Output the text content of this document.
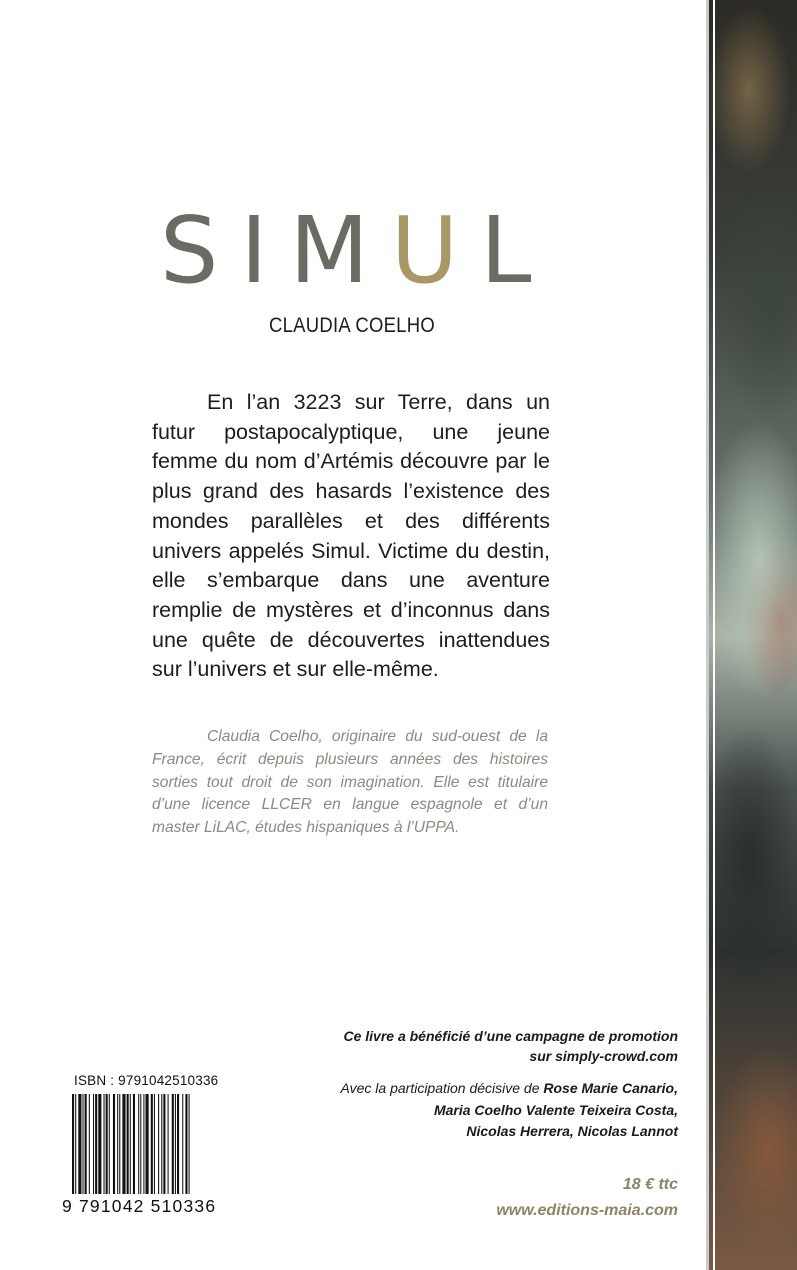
SIMUL
CLAUDIA COELHO

En l’an 3223 sur Terre, dans un futur postapocalyptique, une jeune femme du nom d’Artémis découvre par le plus grand des hasards l’existence des mondes parallèles et des différents univers appelés Simul. Victime du destin, elle s’embarque dans une aventure remplie de mystères et d’inconnus dans une quête de découvertes inattendues sur l’univers et sur elle-même.

Claudia Coelho, originaire du sud-ouest de la France, écrit depuis plusieurs années des histoires sorties tout droit de son imagination. Elle est titulaire d’une licence LLCER en langue espagnole et d’un master LiLAC, études hispaniques à l’UPPA.

Ce livre a bénéficié d’une campagne de promotion
sur simply-crowd.com
Avec la participation décisive de Rose Marie Canario,
Maria Coelho Valente Teixeira Costa,
Nicolas Herrera, Nicolas Lannot
18 € ttc
www.editions-maia.com
ISBN : 9791042510336
9 791042 510336
